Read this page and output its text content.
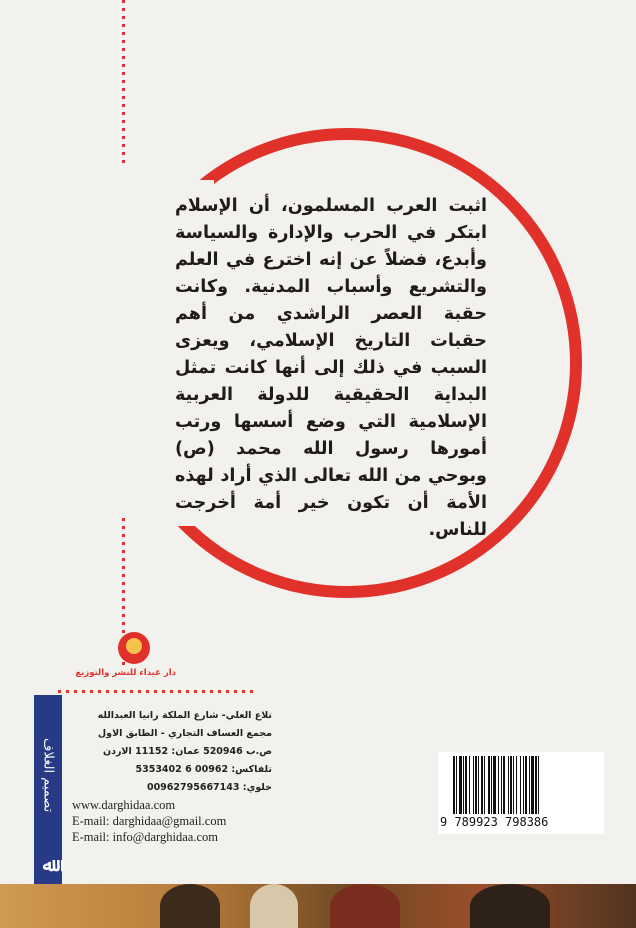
اثبت العرب المسلمون، أن الإسلام ابتكر في الحرب والإدارة والسياسة وأبدع، فضلاً عن إنه اخترع في العلم والتشريع وأسباب المدنية. وكانت حقبة العصر الراشدي من أهم حقبات التاريخ الإسلامي، ويعزى السبب في ذلك إلى أنها كانت تمثل البداية الحقيقية للدولة العربية الإسلامية التي وضع أسسها ورتب أمورها رسول الله محمد (ص) وبوحي من الله تعالى الذي أراد لهذه الأمة أن تكون خير أمة أخرجت للناس.

دار غيداء للنشر والتوزيع
تصميم الغلاف
ﷲ
تلاع العلي- شارع الملكة رانيا العبدالله
مجمع العساف التجاري - الطابق الاول
ص.ب 520946 عمان: 11152 الاردن
تلفاكس: 00962 6 5353402
خلوي: 00962795667143
www.darghidaa.com
E-mail: darghidaa@gmail.com
E-mail: info@darghidaa.com
9 789923 798386
